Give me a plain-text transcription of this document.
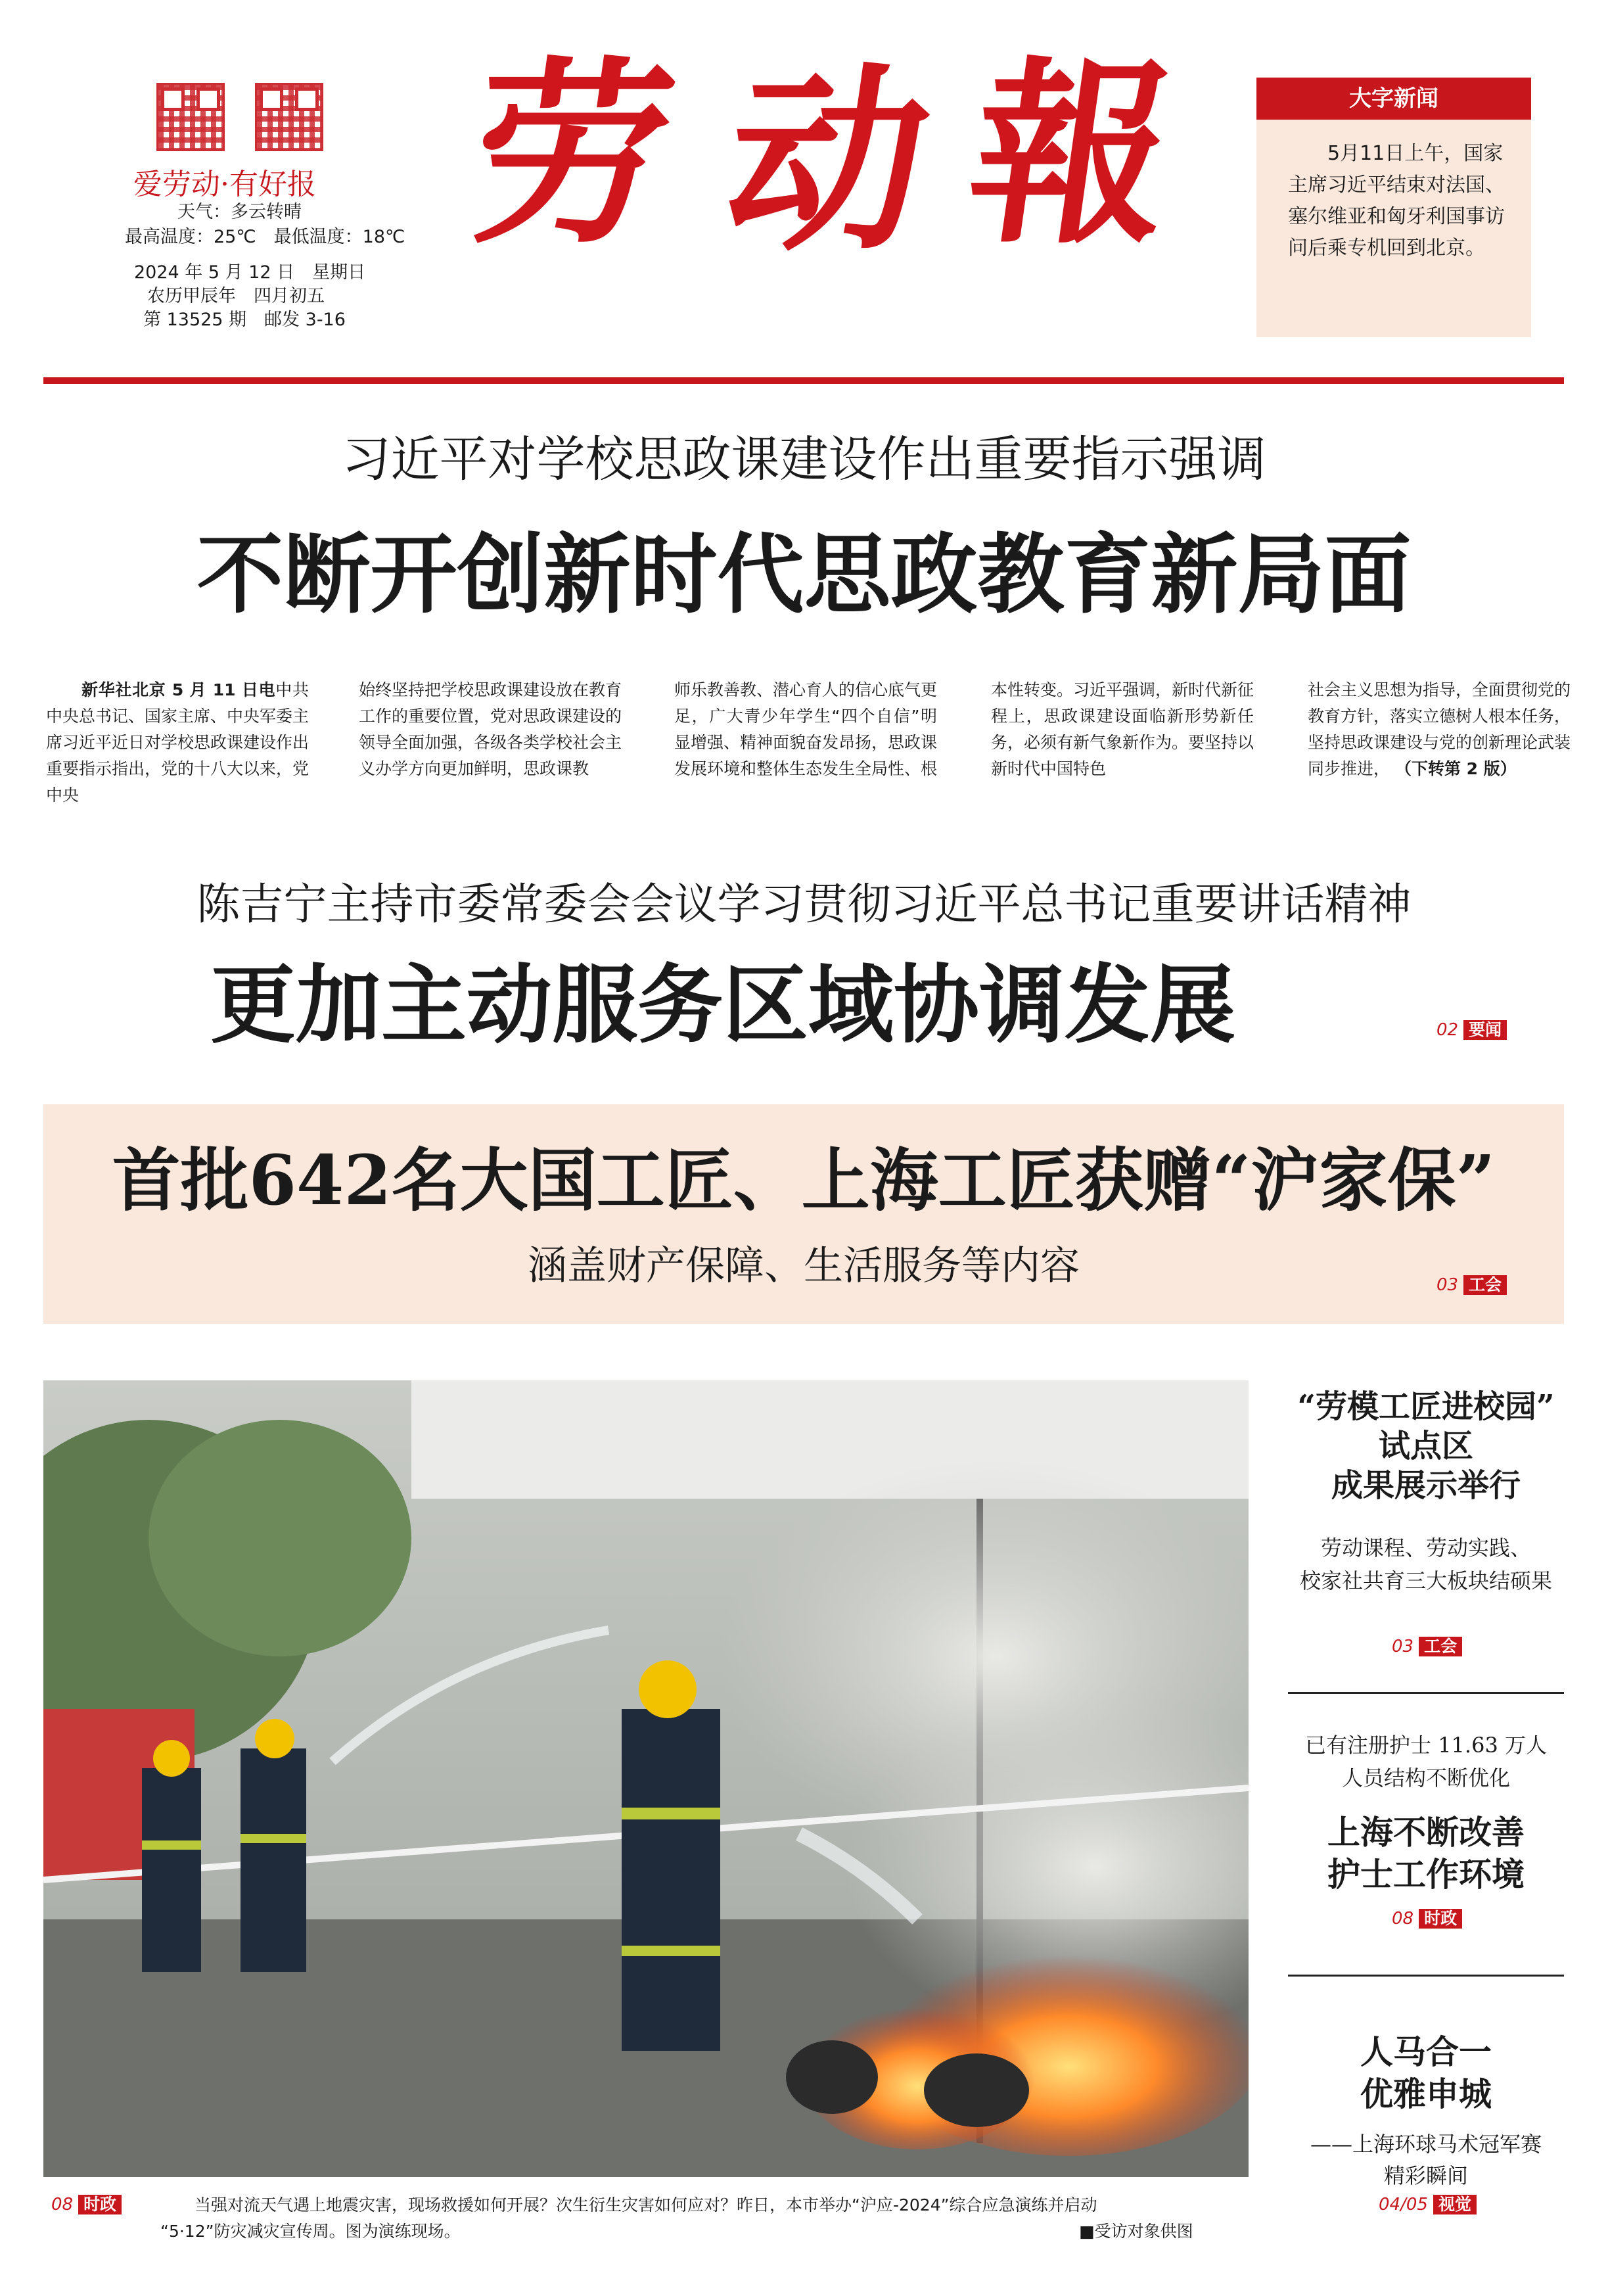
爱劳动·有好报
天气：多云转晴
最高温度：25℃　最低温度：18℃
2024 年 5 月 12 日　星期日
农历甲辰年　四月初五
第 13525 期　邮发 3-16
劳 动 報	大字新闻
5月11日上午，国家主席习近平结束对法国、塞尔维亚和匈牙利国事访问后乘专机回到北京。
习近平对学校思政课建设作出重要指示强调
不断开创新时代思政教育新局面
新华社北京 5 月 11 日电中共中央总书记、国家主席、中央军委主席习近平近日对学校思政课建设作出重要指示指出，党的十八大以来，党中央
始终坚持把学校思政课建设放在教育工作的重要位置，党对思政课建设的领导全面加强，各级各类学校社会主义办学方向更加鲜明，思政课教
师乐教善教、潜心育人的信心底气更足，广大青少年学生“四个自信”明显增强、精神面貌奋发昂扬，思政课发展环境和整体生态发生全局性、根
本性转变。习近平强调，新时代新征程上，思政课建设面临新形势新任务，必须有新气象新作为。要坚持以新时代中国特色
社会主义思想为指导，全面贯彻党的教育方针，落实立德树人根本任务，坚持思政课建设与党的创新理论武装同步推进， （下转第 2 版）
陈吉宁主持市委常委会会议学习贯彻习近平总书记重要讲话精神
更加主动服务区域协调发展	02 要闻
首批642名大国工匠、上海工匠获赠“沪家保”
涵盖财产保障、生活服务等内容	03 工会
08 时政	当强对流天气遇上地震灾害，现场救援如何开展？次生衍生灾害如何应对？昨日，本市举办“沪应-2024”综合应急演练并启动
“5·12”防灾减灾宣传周。图为演练现场。	■受访对象供图
“劳模工匠进校园”
试点区
成果展示举行
劳动课程、劳动实践、
校家社共育三大板块结硕果
03 工会
已有注册护士 11.63 万人
人员结构不断优化
上海不断改善
护士工作环境
08 时政
人马合一
优雅申城
——上海环球马术冠军赛
精彩瞬间
04/05 视觉
